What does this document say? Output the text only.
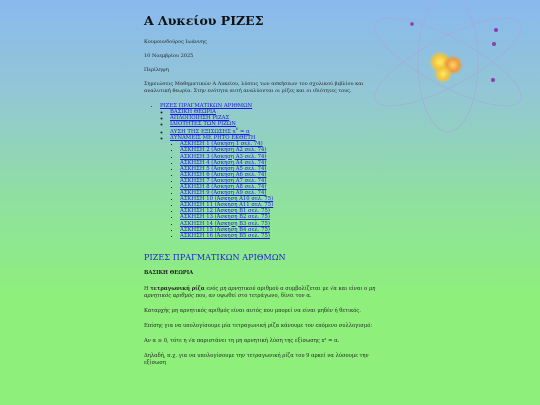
Α Λυκείου ΡΙΖΕΣ

Κουμουνδούρος Ιωάννης

10 Νοεμβρίου 2025

Περίληψη

Σημειώσεις Μαθηματικών Α Λυκείου, λύσεις των ασκήσεων του σχολικού βιβλίου και αναλυτική θεωρία. Στην ενότητα αυτή αναλύονται οι ρίζες και οι ιδιότητες τους.

• ΡΙΖΕΣ ΠΡΑΓΜΑΤΙΚΩΝ ΑΡΙΘΜΩΝ
◦ ΒΑΣΙΚΗ ΘΕΩΡΙΑ
◦ ΑΠΛΟΠΟΙΗΣΗ ΡΙΖΑΣ
◦ ΙΔΙΟΤΗΤΕΣ ΤΩΝ ΡΙΖΩΝ
◦ ΛΥΣΗ ΤΗΣ ΕΞΙΣΩΣΗΣ x$^\nu$ = α
◦ ΔΥΝΑΜΕΙΣ ΜΕ ΡΗΤΟ ΕΚΘΕΤΗ
▪ ΑΣΚΗΣΗ 1 (Άσκηση 1 σελ. 74)
▪ ΑΣΚΗΣΗ 2 (Άσκηση Α2 σελ. 74)
▪ ΑΣΚΗΣΗ 3 (Άσκηση Α3 σελ. 74)
▪ ΑΣΚΗΣΗ 4 (Άσκηση Α4 σελ. 74)
▪ ΑΣΚΗΣΗ 5 (Άσκηση Α5 σελ. 74)
▪ ΑΣΚΗΣΗ 6 (Άσκηση Α6 σελ. 74)
▪ ΑΣΚΗΣΗ 7 (Άσκηση Α7 σελ. 74)
▪ ΑΣΚΗΣΗ 8 (Άσκηση Α8 σελ. 74)
▪ ΑΣΚΗΣΗ 9 (Άσκηση Α9 σελ. 74)
▪ ΑΣΚΗΣΗ 10 (Άσκηση Α10 σελ. 75)
▪ ΑΣΚΗΣΗ 11 (Άσκηση Α11 σελ. 75)
▪ ΑΣΚΗΣΗ 12 (Άσκηση Β1 σελ. 75)
▪ ΑΣΚΗΣΗ 13 (Άσκηση Β2 σελ. 75)
▪ ΑΣΚΗΣΗ 14 (Άσκηση Β3 σελ. 75)
▪ ΑΣΚΗΣΗ 15 (Άσκηση Β4 σελ. 75)
▪ ΑΣΚΗΣΗ 16 (Άσκηση Β5 σελ. 75)
ΡΙΖΕΣ ΠΡΑΓΜΑΤΙΚΩΝ ΑΡΙΘΜΩΝ
ΒΑΣΙΚΗ ΘΕΩΡΙΑ

Η τετραγωνική ρίζα ενός μη αρνητικού αριθμού α συμβολίζεται με √α και είναι ο μη αρνητικός αριθμός που, αν υψωθεί στο τετράγωνο, δίνει τον α.

Καταρχής μη αρνητικός αριθμός είναι αυτός που μπορεί να είναι μηδέν ή θετικός.

Επίσης για να υπολογίσουμε μία τετραγωνική ρίζα κάνουμε τον επόμενο συλλογισμό:

Αν α ≥ 0, τότε η √α παριστάνει τη μη αρνητική λύση της εξίσωσης x² = α.

Δηλαδή, π.χ. για να υπολογίσουμε την τετραγωνική ρίζα του 9 αρκεί να λύσουμε την εξίσωση
